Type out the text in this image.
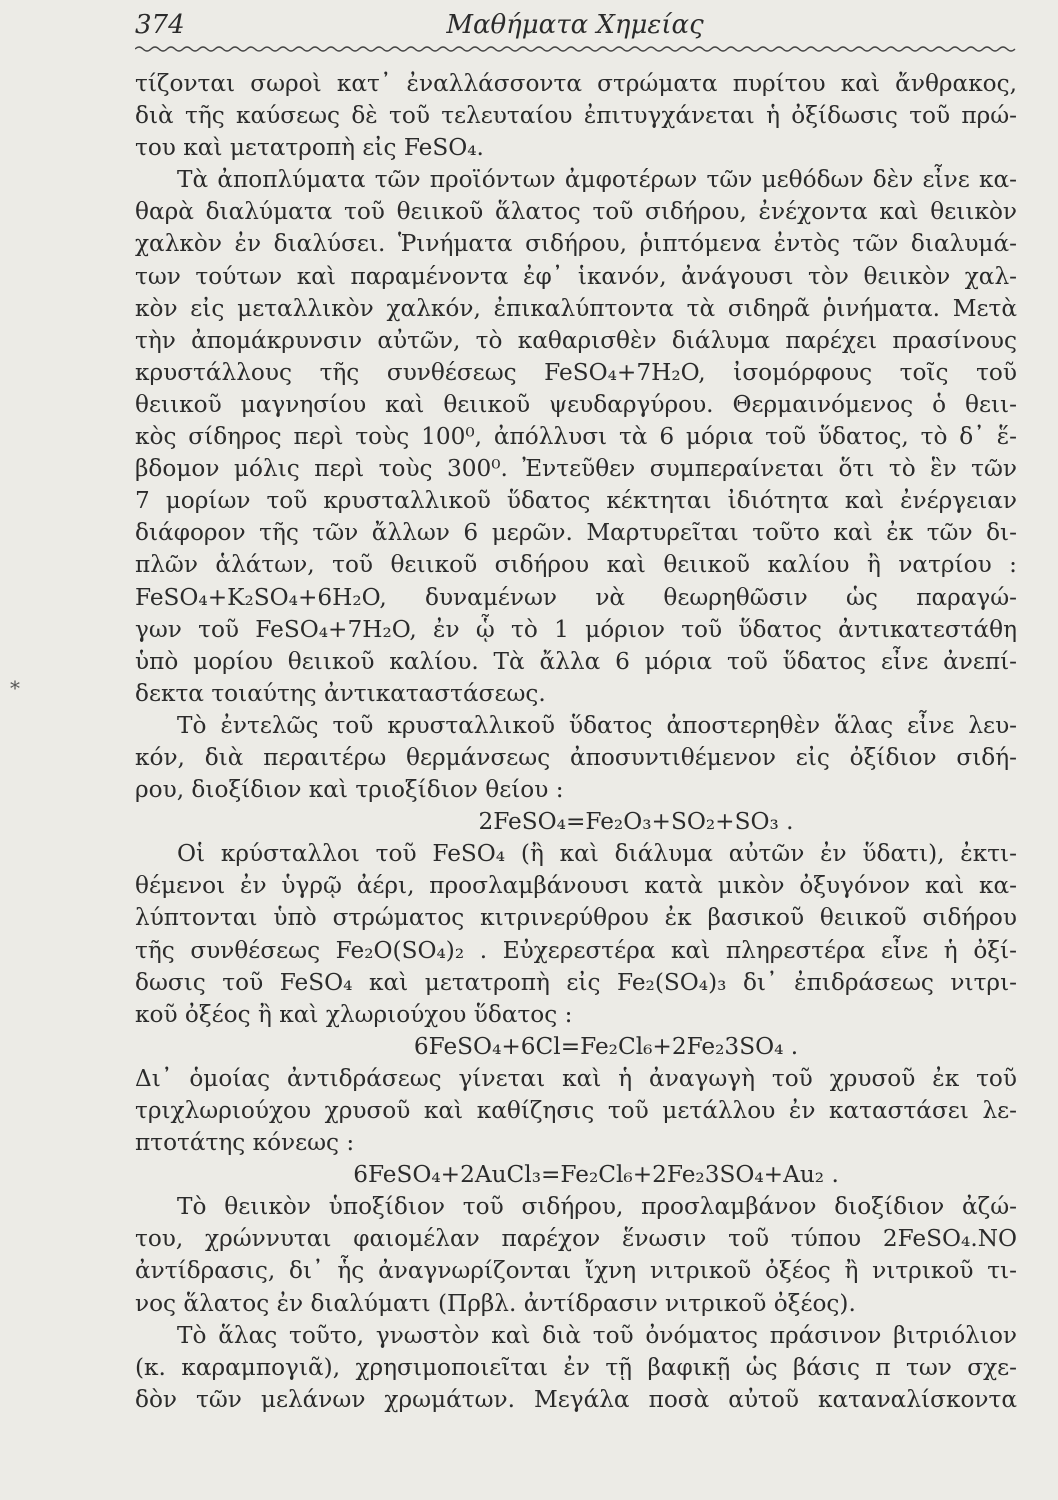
374	Μαθήματα Χημείας
τίζονται σωροὶ κατ᾽ ἐναλλάσσοντα στρώματα πυρίτου καὶ ἄνθρακος,
διὰ τῆς καύσεως δὲ τοῦ τελευταίου ἐπιτυγχάνεται ἡ ὀξίδωσις τοῦ πρώ-
του καὶ μετατροπὴ εἰς FeSO₄.
Τὰ ἀποπλύματα τῶν προϊόντων ἀμφοτέρων τῶν μεθόδων δὲν εἶνε κα-
θαρὰ διαλύματα τοῦ θειικοῦ ἅλατος τοῦ σιδήρου, ἐνέχοντα καὶ θειικὸν
χαλκὸν ἐν διαλύσει. Ῥινήματα σιδήρου, ῥιπτόμενα ἐντὸς τῶν διαλυμά-
των τούτων καὶ παραμένοντα ἐφ᾽ ἱκανόν, ἀνάγουσι τὸν θειικὸν χαλ-
κὸν εἰς μεταλλικὸν χαλκόν, ἐπικαλύπτοντα τὰ σιδηρᾶ ῥινήματα. Μετὰ
τὴν ἀπομάκρυνσιν αὐτῶν, τὸ καθαρισθὲν διάλυμα παρέχει πρασίνους
κρυστάλλους τῆς συνθέσεως FeSO₄+7H₂O, ἰσομόρφους τοῖς τοῦ
θειικοῦ μαγνησίου καὶ θειικοῦ ψευδαργύρου. Θερμαινόμενος ὁ θειι-
κὸς σίδηρος περὶ τοὺς 100⁰, ἀπόλλυσι τὰ 6 μόρια τοῦ ὕδατος, τὸ δ᾽ ἕ-
βδομον μόλις περὶ τοὺς 300⁰. Ἐντεῦθεν συμπεραίνεται ὅτι τὸ ἓν τῶν
7 μορίων τοῦ κρυσταλλικοῦ ὕδατος κέκτηται ἰδιότητα καὶ ἐνέργειαν
διάφορον τῆς τῶν ἄλλων 6 μερῶν. Μαρτυρεῖται τοῦτο καὶ ἐκ τῶν δι-
πλῶν ἁλάτων, τοῦ θειικοῦ σιδήρου καὶ θειικοῦ καλίου ἢ νατρίου :
FeSO₄+K₂SO₄+6H₂O, δυναμένων νὰ θεωρηθῶσιν ὡς παραγώ-
γων τοῦ FeSO₄+7H₂O, ἐν ᾧ τὸ 1 μόριον τοῦ ὕδατος ἀντικατεστάθη
ὑπὸ μορίου θειικοῦ καλίου. Τὰ ἄλλα 6 μόρια τοῦ ὕδατος εἶνε ἀνεπί-
δεκτα τοιαύτης ἀντικαταστάσεως.
Τὸ ἐντελῶς τοῦ κρυσταλλικοῦ ὕδατος ἀποστερηθὲν ἅλας εἶνε λευ-
κόν, διὰ περαιτέρω θερμάνσεως ἀποσυντιθέμενον εἰς ὀξίδιον σιδή-
ρου, διοξίδιον καὶ τριοξίδιον θείου :
2FeSO₄=Fe₂O₃+SO₂+SO₃ .
Οἱ κρύσταλλοι τοῦ FeSO₄ (ἢ καὶ διάλυμα αὐτῶν ἐν ὕδατι), ἐκτι-
θέμενοι ἐν ὑγρῷ ἀέρι, προσλαμβάνουσι κατὰ μικὸν ὀξυγόνον καὶ κα-
λύπτονται ὑπὸ στρώματος κιτρινερύθρου ἐκ βασικοῦ θειικοῦ σιδήρου
τῆς συνθέσεως Fe₂O(SO₄)₂ . Εὐχερεστέρα καὶ πληρεστέρα εἶνε ἡ ὀξί-
δωσις τοῦ FeSO₄ καὶ μετατροπὴ εἰς Fe₂(SO₄)₃ δι᾽ ἐπιδράσεως νιτρι-
κοῦ ὀξέος ἢ καὶ χλωριούχου ὕδατος :
6FeSO₄+6Cl=Fe₂Cl₆+2Fe₂3SO₄ .
Δι᾽ ὁμοίας ἀντιδράσεως γίνεται καὶ ἡ ἀναγωγὴ τοῦ χρυσοῦ ἐκ τοῦ
τριχλωριούχου χρυσοῦ καὶ καθίζησις τοῦ μετάλλου ἐν καταστάσει λε-
πτοτάτης κόνεως :
6FeSO₄+2AuCl₃=Fe₂Cl₆+2Fe₂3SO₄+Au₂ .
Τὸ θειικὸν ὑποξίδιον τοῦ σιδήρου, προσλαμβάνον διοξίδιον ἀζώ-
του, χρώννυται φαιομέλαν παρέχον ἕνωσιν τοῦ τύπου 2FeSO₄.NO
ἀντίδρασις, δι᾽ ἧς ἀναγνωρίζονται ἴχνη νιτρικοῦ ὀξέος ἢ νιτρικοῦ τι-
νος ἅλατος ἐν διαλύματι (Πρβλ. ἀντίδρασιν νιτρικοῦ ὀξέος).
Τὸ ἅλας τοῦτο, γνωστὸν καὶ διὰ τοῦ ὀνόματος πράσινον βιτριόλιον
(κ. καραμπογιᾶ), χρησιμοποιεῖται ἐν τῇ βαφικῇ ὡς βάσις π των σχε-
δὸν τῶν μελάνων χρωμάτων. Μεγάλα ποσὰ αὐτοῦ καταναλίσκοντα
*
